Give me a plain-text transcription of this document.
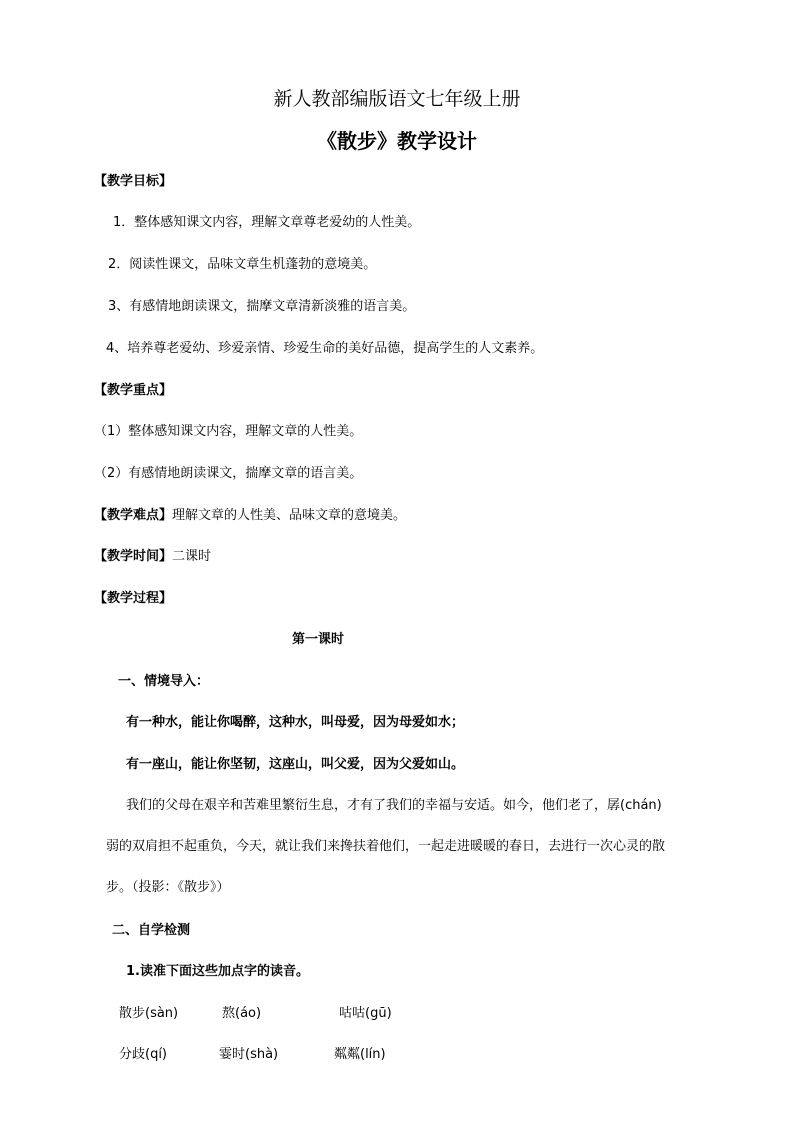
新人教部编版语文七年级上册
《散步》教学设计
【教学目标】
1．整体感知课文内容，理解文章尊老爱幼的人性美。
2．阅读性课文，品味文章生机蓬勃的意境美。
3、有感情地朗读课文，揣摩文章清新淡雅的语言美。
4、培养尊老爱幼、珍爱亲情、珍爱生命的美好品德，提高学生的人文素养。
【教学重点】
（1）整体感知课文内容，理解文章的人性美。
（2）有感情地朗读课文，揣摩文章的语言美。
【教学难点】理解文章的人性美、品味文章的意境美。
【教学时间】二课时
【教学过程】
第一课时
一、情境导入：
有一种水，能让你喝醉，这种水，叫母爱，因为母爱如水；
有一座山，能让你坚韧，这座山，叫父爱，因为父爱如山。
我们的父母在艰辛和苦难里繁衍生息，才有了我们的幸福与安适。如今，他们老了，孱(chán)
弱的双肩担不起重负，今天，就让我们来搀扶着他们，一起走进暖暖的春日，去进行一次心灵的散
步。（投影：《散步》）
二、自学检测
1.读准下面这些加点字的读音。
散步(sàn)	熬(áo)	咕咕(gū)
分歧(qí)	霎时(shà)	粼粼(lín)
